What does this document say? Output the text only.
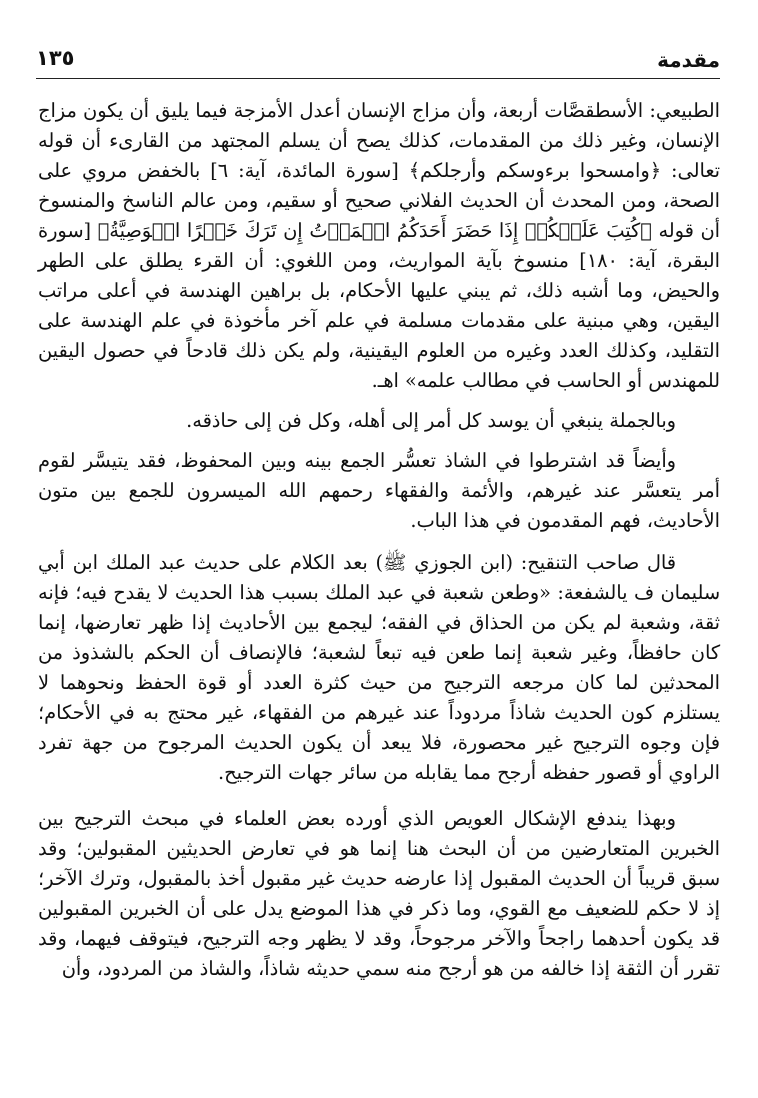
مقدمة
١٣٥

الطبيعي: الأسطقصَّات أربعة، وأن مزاج الإنسان أعدل الأمزجة فيما يليق أن يكون مزاج الإنسان، وغير ذلك من المقدمات، كذلك يصح أن يسلم المجتهد من القارىء أن قوله تعالى: ﴿وامسحوا برءوسكم وأرجلكم﴾ [سورة المائدة، آية: ٦] بالخفض مروي على الصحة، ومن المحدث أن الحديث الفلاني صحيح أو سقيم، ومن عالم الناسخ والمنسوخ أن قوله ﴿كُتِبَ عَلَيۡكُمۡ إِذَا حَضَرَ أَحَدَكُمُ الۡمَوۡتُ إِن تَرَكَ خَيۡرًا الۡوَصِيَّةُ﴾ [سورة البقرة، آية: ١٨٠] منسوخ بآية المواريث، ومن اللغوي: أن القرء يطلق على الطهر والحيض، وما أشبه ذلك، ثم يبني عليها الأحكام، بل براهين الهندسة في أعلى مراتب اليقين، وهي مبنية على مقدمات مسلمة في علم آخر مأخوذة في علم الهندسة على التقليد، وكذلك العدد وغيره من العلوم اليقينية، ولم يكن ذلك قادحاً في حصول اليقين للمهندس أو الحاسب في مطالب علمه» اهـ.

وبالجملة ينبغي أن يوسد كل أمر إلى أهله، وكل فن إلى حاذقه.

وأيضاً قد اشترطوا في الشاذ تعسُّر الجمع بينه وبين المحفوظ، فقد يتيسَّر لقوم أمر يتعسَّر عند غيرهم، والأئمة والفقهاء رحمهم الله الميسرون للجمع بين متون الأحاديث، فهم المقدمون في هذا الباب.

قال صاحب التنقيح: (ابن الجوزي ﷺ) بعد الكلام على حديث عبد الملك ابن أبي سليمان ف يالشفعة: «وطعن شعبة في عبد الملك بسبب هذا الحديث لا يقدح فيه؛ فإنه ثقة، وشعبة لم يكن من الحذاق في الفقه؛ ليجمع بين الأحاديث إذا ظهر تعارضها، إنما كان حافظاً، وغير شعبة إنما طعن فيه تبعاً لشعبة؛ فالإنصاف أن الحكم بالشذوذ من المحدثين لما كان مرجعه الترجيح من حيث كثرة العدد أو قوة الحفظ ونحوهما لا يستلزم كون الحديث شاذاً مردوداً عند غيرهم من الفقهاء، غير محتج به في الأحكام؛ فإن وجوه الترجيح غير محصورة، فلا يبعد أن يكون الحديث المرجوح من جهة تفرد الراوي أو قصور حفظه أرجح مما يقابله من سائر جهات الترجيح.

وبهذا يندفع الإشكال العويص الذي أورده بعض العلماء في مبحث الترجيح بين الخبرين المتعارضين من أن البحث هنا إنما هو في تعارض الحديثين المقبولين؛ وقد سبق قريباً أن الحديث المقبول إذا عارضه حديث غير مقبول أخذ بالمقبول، وترك الآخر؛ إذ لا حكم للضعيف مع القوي، وما ذكر في هذا الموضع يدل على أن الخبرين المقبولين قد يكون أحدهما راجحاً والآخر مرجوحاً، وقد لا يظهر وجه الترجيح، فيتوقف فيهما، وقد تقرر أن الثقة إذا خالفه من هو أرجح منه سمي حديثه شاذاً، والشاذ من المردود، وأن
